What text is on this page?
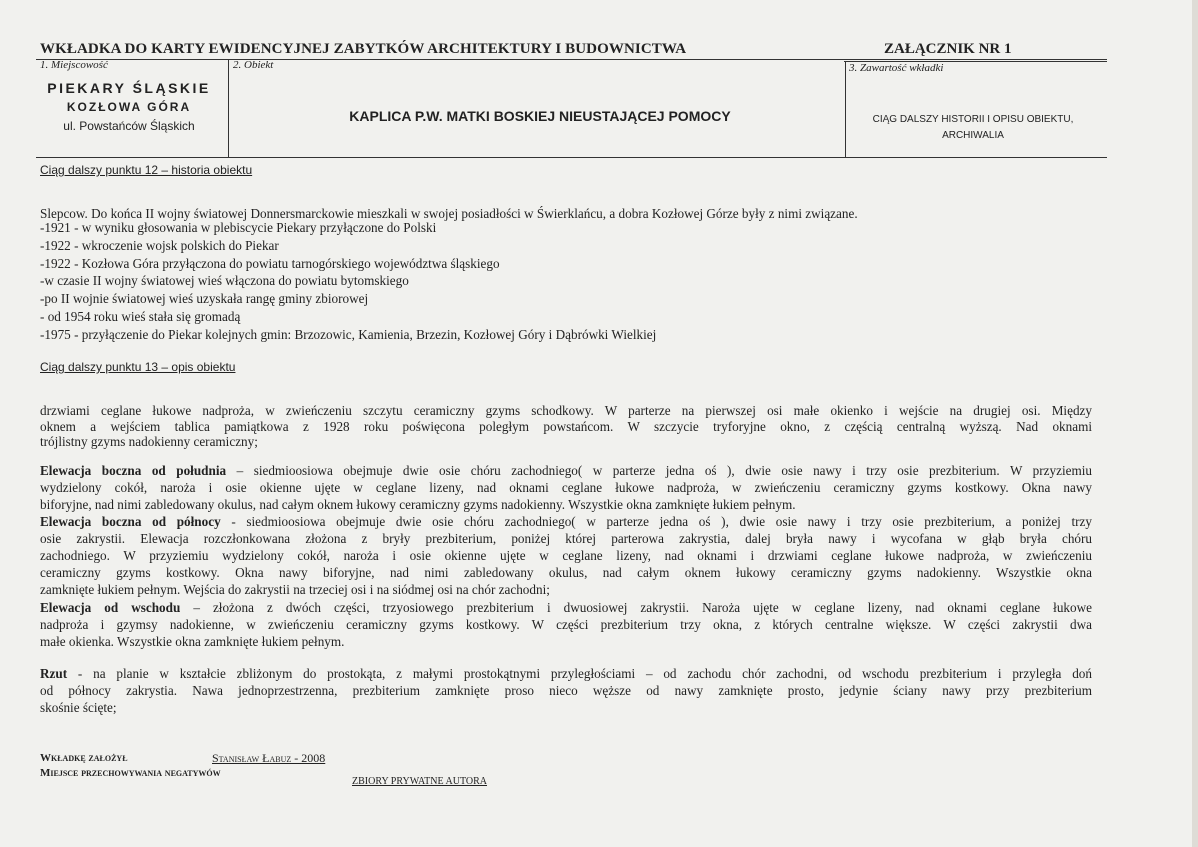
WKŁADKA DO KARTY EWIDENCYJNEJ ZABYTKÓW ARCHITEKTURY I BUDOWNICTWA	ZAŁĄCZNIK NR 1
1. Miejscowość	2. Obiekt	3. Zawartość wkładki
PIEKARY ŚLĄSKIE
KOZŁOWA GÓRA
ul. Powstańców Śląskich
KAPLICA P.W. MATKI BOSKIEJ NIEUSTAJĄCEJ POMOCY	CIĄG DALSZY HISTORII I OPISU OBIEKTU,
ARCHIWALIA
Ciąg dalszy punktu 12 – historia obiektu
Slepcow. Do końca II wojny światowej Donnersmarckowie mieszkali w swojej posiadłości w Świerklańcu, a dobra Kozłowej Górze były z nimi związane.
-1921 - w wyniku głosowania w plebiscycie Piekary przyłączone do Polski
-1922 - wkroczenie wojsk polskich do Piekar
-1922 - Kozłowa Góra przyłączona do powiatu tarnogórskiego województwa śląskiego
-w czasie II wojny światowej wieś włączona do powiatu bytomskiego
-po II wojnie światowej wieś uzyskała rangę gminy zbiorowej
- od 1954 roku wieś stała się gromadą
-1975 - przyłączenie do Piekar kolejnych gmin: Brzozowic, Kamienia, Brzezin, Kozłowej Góry i Dąbrówki Wielkiej
Ciąg dalszy punktu 13 – opis obiektu
drzwiami ceglane łukowe nadproża, w zwieńczeniu szczytu ceramiczny gzyms schodkowy. W parterze na pierwszej osi małe okienko i wejście na drugiej osi. Między
oknem a wejściem tablica pamiątkowa z 1928 roku poświęcona poległym powstańcom. W szczycie tryforyjne okno, z częścią centralną wyższą. Nad oknami
trójlistny gzyms nadokienny ceramiczny;
Elewacja boczna od południa – siedmioosiowa obejmuje dwie osie chóru zachodniego( w parterze jedna oś ), dwie osie nawy i trzy osie prezbiterium. W przyziemiu
wydzielony cokół, naroża i osie okienne ujęte w ceglane lizeny, nad oknami ceglane łukowe nadproża, w zwieńczeniu ceramiczny gzyms kostkowy. Okna nawy
biforyjne, nad nimi zabledowany okulus, nad całym oknem łukowy ceramiczny gzyms nadokienny. Wszystkie okna zamknięte łukiem pełnym.
Elewacja boczna od północy - siedmioosiowa obejmuje dwie osie chóru zachodniego( w parterze jedna oś ), dwie osie nawy i trzy osie prezbiterium, a poniżej trzy
osie zakrystii. Elewacja rozczłonkowana złożona z bryły prezbiterium, poniżej której parterowa zakrystia, dalej bryła nawy i wycofana w głąb bryła chóru
zachodniego. W przyziemiu wydzielony cokół, naroża i osie okienne ujęte w ceglane lizeny, nad oknami i drzwiami ceglane łukowe nadproża, w zwieńczeniu
ceramiczny gzyms kostkowy. Okna nawy biforyjne, nad nimi zabledowany okulus, nad całym oknem łukowy ceramiczny gzyms nadokienny. Wszystkie okna
zamknięte łukiem pełnym. Wejścia do zakrystii na trzeciej osi i na siódmej osi na chór zachodni;
Elewacja od wschodu – złożona z dwóch części, trzyosiowego prezbiterium i dwuosiowej zakrystii. Naroża ujęte w ceglane lizeny, nad oknami ceglane łukowe
nadproża i gzymsy nadokienne, w zwieńczeniu ceramiczny gzyms kostkowy. W części prezbiterium trzy okna, z których centralne większe. W części zakrystii dwa
małe okienka. Wszystkie okna zamknięte łukiem pełnym.
Rzut - na planie w kształcie zbliżonym do prostokąta, z małymi prostokątnymi przyległościami – od zachodu chór zachodni, od wschodu prezbiterium i przyległa doń
od północy zakrystia. Nawa jednoprzestrzenna, prezbiterium zamknięte proso nieco węższe od nawy zamknięte prosto, jedynie ściany nawy przy prezbiterium
skośnie ścięte;
Wkładkę założył	Stanisław Łabuz - 2008
Miejsce przechowywania negatywów
ZBIORY PRYWATNE AUTORA
